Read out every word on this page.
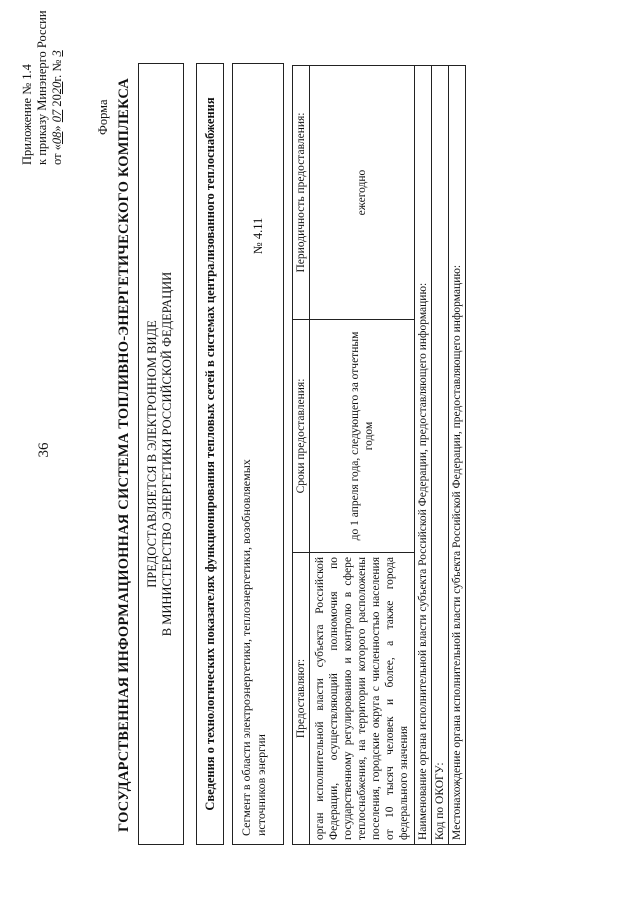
36
Приложение № 1.4 к приказу Минэнерго России от «08» 07 2020г. № 3
Форма ГОСУДАРСТВЕННАЯ ИНФОРМАЦИОННАЯ СИСТЕМА ТОПЛИВНО-ЭНЕРГЕТИЧЕСКОГО КОМПЛЕКСА ПРЕДОСТАВЛЯЕТСЯ В ЭЛЕКТРОННОМ ВИДЕ В МИНИСТЕРСТВО ЭНЕРГЕТИКИ РОССИЙСКОЙ ФЕДЕРАЦИИ	Сведения о технологических показателях функционирования тепловых сетей в системах централизованного теплоснабжения	Сегмент в области электроэнергетики, теплоэнергетики, возобновляемых источников энергии
№ 4.11
Предоставляют:	Сроки предоставления:	Периодичность предоставления:
орган исполнительной власти субъекта Российской Федерации, осуществляющий полномочия по государственному регулированию и контролю в сфере теплоснабжения, на территории которого расположены поселения, городские округа с численностью населения от 10 тысяч человек и более, а также города федерального значения	до 1 апреля года, следующего за отчетным годом	ежегодно
Наименование органа исполнительной власти субъекта Российской Федерации, предоставляющего информацию:		
Код по ОКОГУ:		
Местонахождение органа исполнительной власти субъекта Российской Федерации, предоставляющего информацию:		
